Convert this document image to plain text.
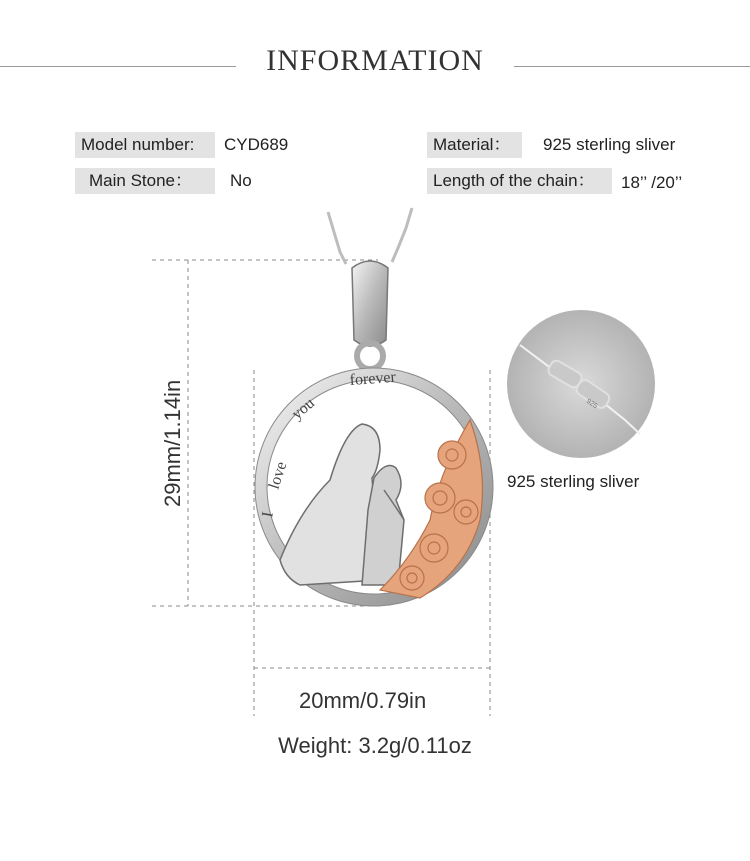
INFORMATION
Model number:	CYD689	Material：	925 sterling sliver
Main Stone：	No	Length of the chain：	18’’ /20’’
I
love
you
forever
925
29mm/1.14in
20mm/0.79in
925 sterling sliver
Weight: 3.2g/0.11oz
